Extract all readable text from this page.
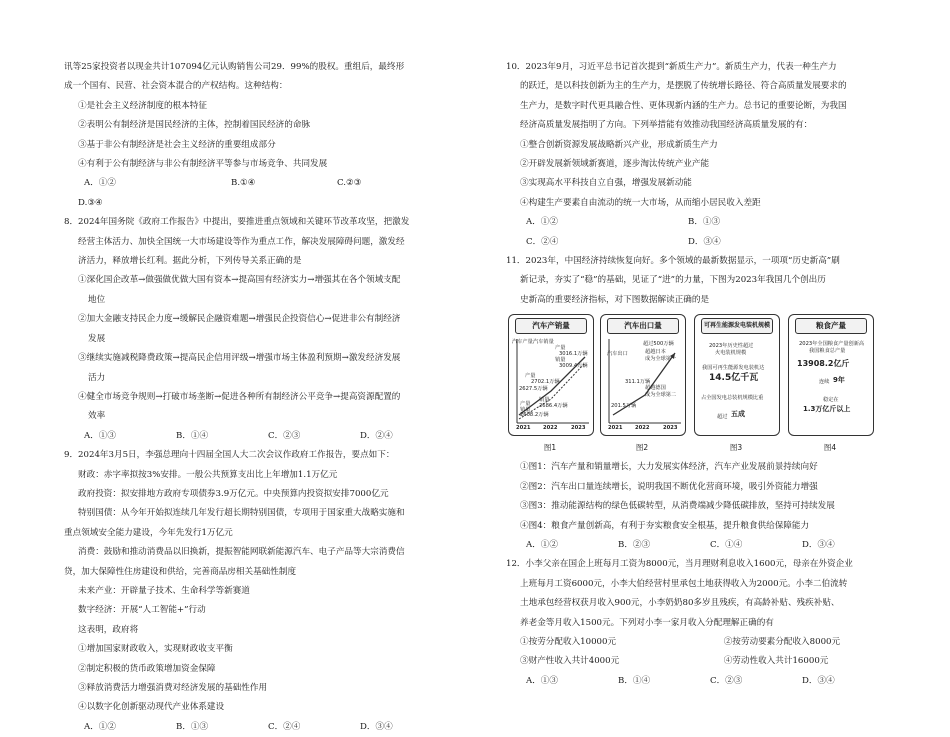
讯等25家投资者以现金共计107094亿元认购销售公司29．99%的股权。重组后，最终形

成一个国有、民营、社会资本混合的产权结构。这种结构：

①是社会主义经济制度的根本特征

②表明公有制经济是国民经济的主体，控制着国民经济的命脉

③基于非公有制经济是社会主义经济的重要组成部分

④有利于公有制经济与非公有制经济平等参与市场竞争、共同发展

A．①②	B.①④	C.②③

D.③④

8．2024年国务院《政府工作报告》中提出，要推进重点领域和关键环节改革攻坚，把激发

经营主体活力、加快全国统一大市场建设等作为重点工作，解决发展障碍问题，激发经

济活力，释放增长红利。据此分析，下列传导关系正确的是

①深化国企改革→做强做优做大国有资本→提高国有经济实力→增强其在各个领域支配

地位

②加大金融支持民企力度→缓解民企融资难题→增强民企投资信心→促进非公有制经济

发展

③继续实施减税降费政策→提高民企信用评级→增强市场主体盈利预期→激发经济发展

活力

④健全市场竞争规则→打破市场垄断→促进各种所有制经济公平竞争→提高资源配置的

效率

A．①③	B．①④	C．②③	D．②④

9．2024年3月5日，李强总理向十四届全国人大二次会议作政府工作报告，要点如下：

财政：赤字率拟按3%安排。一般公共预算支出比上年增加1.1万亿元

政府投资：拟安排地方政府专项债券3.9万亿元。中央预算内投资拟安排7000亿元

特别国债：从今年开始拟连续几年发行超长期特别国债，专项用于国家重大战略实施和

重点领域安全能力建设，今年先发行1万亿元

消费：鼓励和推动消费品以旧换新，提振智能网联新能源汽车、电子产品等大宗消费信

贷，加大保障性住房建设和供给，完善商品房相关基础性制度

未来产业：开辟量子技术、生命科学等新赛道

数字经济：开展“人工智能+”行动

这表明，政府将

①增加国家财政收入，实现财政收支平衡

②制定积极的货币政策增加资金保障

③释放消费活力增强消费对经济发展的基础性作用

④以数字化创新驱动现代产业体系建设

A．①②	B．①③	C．②④	D．③④

10．2023年9月，习近平总书记首次提到“新质生产力”。新质生产力，代表一种生产力

的跃迁，是以科技创新为主的生产力，是摆脱了传统增长路径、符合高质量发展要求的

生产力，是数字时代更具融合性、更体现新内涵的生产力。总书记的重要论断，为我国

经济高质量发展指明了方向。下列举措能有效推动我国经济高质量发展的有：

①整合创新资源发展战略新兴产业，形成新质生产力

②开辟发展新领域新赛道，逐步淘汰传统产业产能

③实现高水平科技自立自强，增强发展新动能

④构建生产要素自由流动的统一大市场，从而缩小居民收入差距

A．①②	B．①③
C．②④	D．③④

11．2023年，中国经济持续恢复向好。多个领域的最新数据显示，一项项“历史新高”刷

新记录，夯实了“稳”的基础，见证了“进”的力量，下图为2023年我国几个创出历

史新高的重要经济指标，对下图数据解读正确的是

汽车产销量
汽车产量 汽车销量
产量
3016.1万辆
销量
3009.4万辆
产量
2702.1万辆
2627.5万辆
销量
2686.4万辆
产量
2608.2万辆
销量
2021 2022	2023
图1
汽车出口量
汽车出口
超过500万辆
超越日本
成为全球第一
311.1万辆
超越德国
成为全球第二
201.5万辆
2021 2022	2023
图2
可再生能源发电装机规模
2023年历史性超过
火电装机规模
我国可再生能源发电装机达
14.5亿千瓦
占全国发电总装机规模比重
超过 五成
图3
粮食产量
2023年全国粮食产量创新高
我国粮食总产量
13908.2亿斤
连续 9年
稳定在
1.3万亿斤以上
图4

①图1：汽车产量和销量增长，大力发展实体经济，汽车产业发展前景持续向好

②图2：汽车出口量连续增长，说明我国不断优化营商环境，吸引外资能力增强

③图3：推动能源结构的绿色低碳转型，从消费端减少降低碳排放，坚持可持续发展

④图4：粮食产量创新高，有利于夯实粮食安全根基，提升粮食供给保障能力

A．①②	B．②③	C．①④	D．③④

12．小李父亲在国企上班每月工资为8000元，当月理财利息收入1600元，母亲在外资企业

上班每月工资6000元，小李大伯经营村里承包土地获得收入为2000元。小李二伯流转

土地承包经营权获月收入900元，小李奶奶80多岁且残疾，有高龄补贴、残疾补贴、

养老金等月收入1500元。下列对小李一家月收入分配理解正确的有

①按劳分配收入10000元	②按劳动要素分配收入8000元
③财产性收入共计4000元	④劳动性收入共计16000元
A．①③	B．①④	C．②③	D．③④
